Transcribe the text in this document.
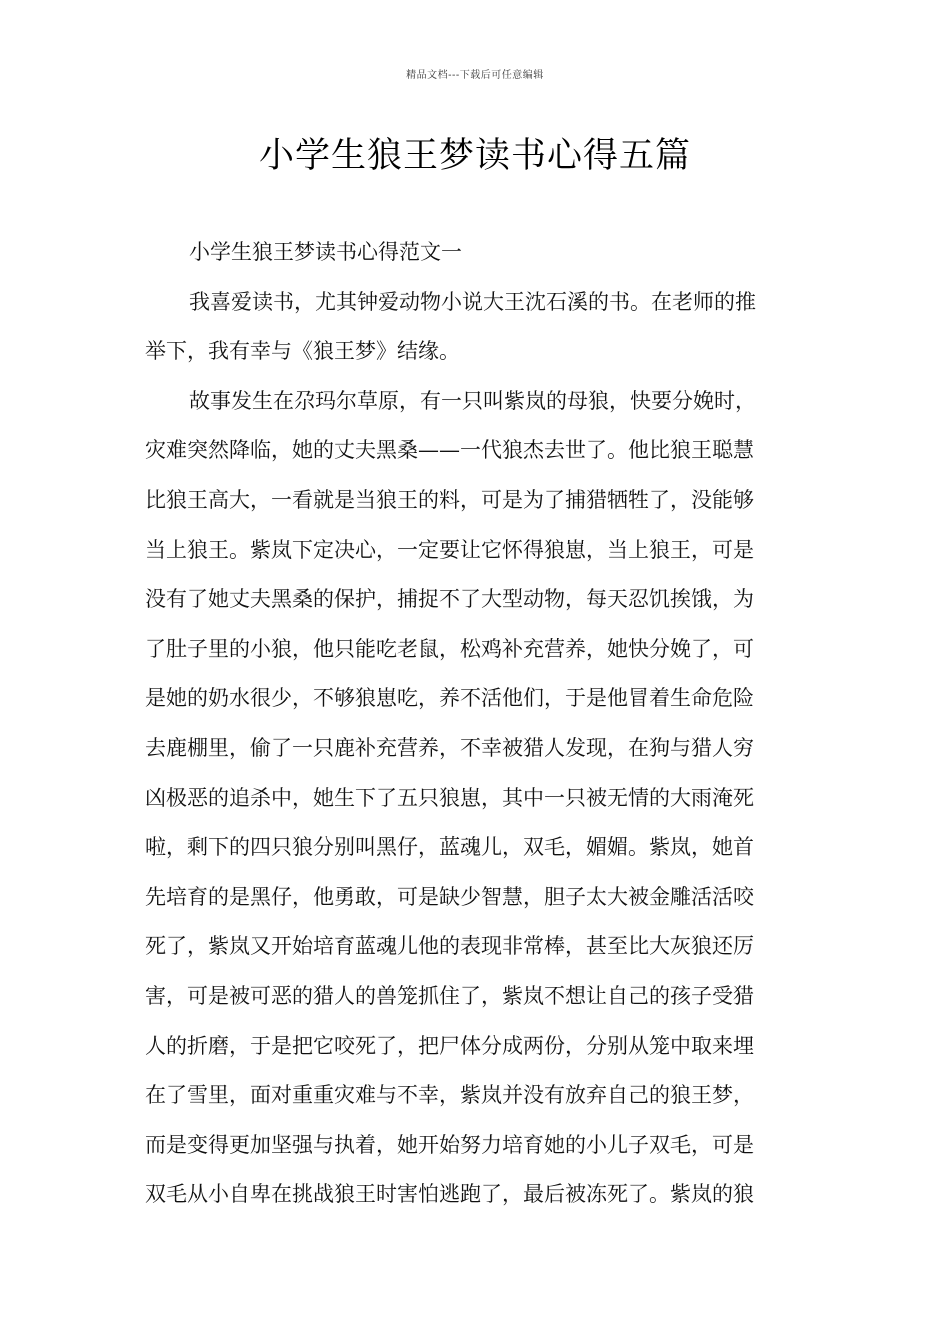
精品文档---下载后可任意编辑
小学生狼王梦读书心得五篇
小学生狼王梦读书心得范文一
我喜爱读书，尤其钟爱动物小说大王沈石溪的书。在老师的推
举下，我有幸与《狼王梦》结缘。
故事发生在尕玛尔草原，有一只叫紫岚的母狼，快要分娩时，
灾难突然降临，她的丈夫黑桑——一代狼杰去世了。他比狼王聪慧
比狼王高大，一看就是当狼王的料，可是为了捕猎牺牲了，没能够
当上狼王。紫岚下定决心，一定要让它怀得狼崽，当上狼王，可是
没有了她丈夫黑桑的保护，捕捉不了大型动物，每天忍饥挨饿，为
了肚子里的小狼，他只能吃老鼠，松鸡补充营养，她快分娩了，可
是她的奶水很少，不够狼崽吃，养不活他们，于是他冒着生命危险
去鹿棚里，偷了一只鹿补充营养，不幸被猎人发现，在狗与猎人穷
凶极恶的追杀中，她生下了五只狼崽，其中一只被无情的大雨淹死
啦，剩下的四只狼分别叫黑仔，蓝魂儿，双毛，媚媚。紫岚，她首
先培育的是黑仔，他勇敢，可是缺少智慧，胆子太大被金雕活活咬
死了，紫岚又开始培育蓝魂儿他的表现非常棒，甚至比大灰狼还厉
害，可是被可恶的猎人的兽笼抓住了，紫岚不想让自己的孩子受猎
人的折磨，于是把它咬死了，把尸体分成两份，分别从笼中取来埋
在了雪里，面对重重灾难与不幸，紫岚并没有放弃自己的狼王梦，
而是变得更加坚强与执着，她开始努力培育她的小儿子双毛，可是
双毛从小自卑在挑战狼王时害怕逃跑了，最后被冻死了。紫岚的狼
